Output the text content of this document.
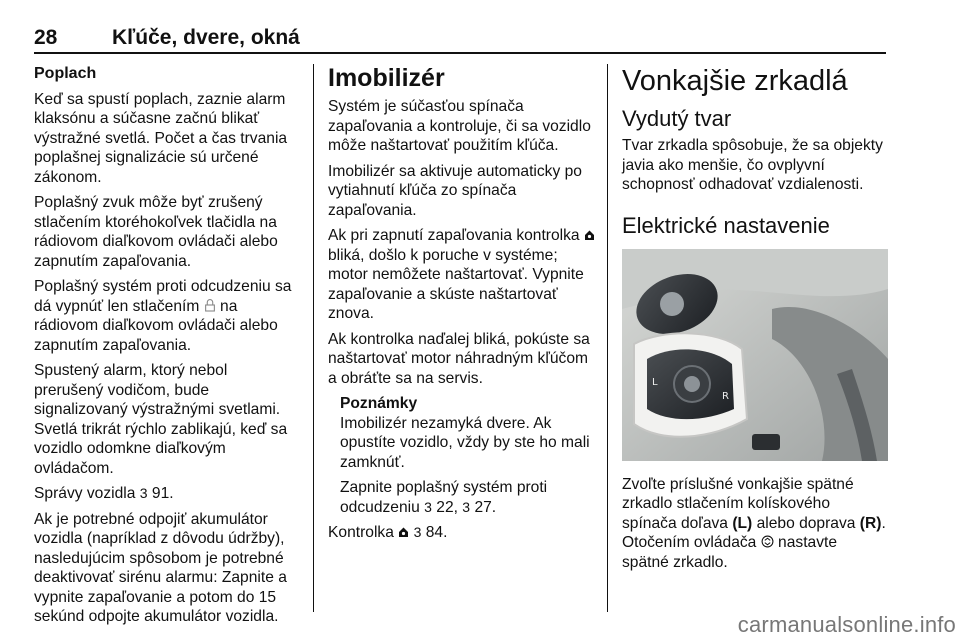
28	Kľúče, dvere, okná
Poplach

Keď sa spustí poplach, zaznie alarm klaksónu a súčasne začnú blikať výstražné svetlá. Počet a čas trvania poplašnej signalizácie sú určené zákonom.

Poplašný zvuk môže byť zrušený stlačením ktoréhokoľvek tlačidla na rádiovom diaľkovom ovládači alebo zapnutím zapaľovania.

Poplašný systém proti odcudzeniu sa dá vypnúť len stlačením na rádiovom diaľkovom ovládači alebo zapnutím zapaľovania.

Spustený alarm, ktorý nebol prerušený vodičom, bude signalizovaný výstražnými svetlami. Svetlá trikrát rýchlo zablikajú, keď sa vozidlo odomkne diaľkovým ovládačom.

Správy vozidla 3 91.

Ak je potrebné odpojiť akumulátor vozidla (napríklad z dôvodu údržby), nasledujúcim spôsobom je potrebné deaktivovať sirénu alarmu: Zapnite a vypnite zapaľovanie a potom do 15 sekúnd odpojte akumulátor vozidla.

Imobilizér

Systém je súčasťou spínača zapaľovania a kontroluje, či sa vozidlo môže naštartovať použitím kľúča.

Imobilizér sa aktivuje automaticky po vytiahnutí kľúča zo spínača zapaľovania.

Ak pri zapnutí zapaľovania kontrolka  bliká, došlo k poruche v systéme; motor nemôžete naštartovať. Vypnite zapaľovanie a skúste naštartovať znova.

Ak kontrolka naďalej bliká, pokúste sa naštartovať motor náhradným kľúčom a obráťte sa na servis.

Poznámky

Imobilizér nezamyká dvere. Ak opustíte vozidlo, vždy by ste ho mali zamknúť.

Zapnite poplašný systém proti odcudzeniu 3 22, 3 27.

Kontrolka 3 84.

Vonkajšie zrkadlá
Vydutý tvar

Tvar zrkadla spôsobuje, že sa objekty javia ako menšie, čo ovplyvní schopnosť odhadovať vzdialenosti.

Elektrické nastavenie
L
R

Zvoľte príslušné vonkajšie spätné zrkadlo stlačením kolískového spínača doľava (L) alebo doprava (R). Otočením ovládača nastavte spätné zrkadlo.

carmanualsonline.info
